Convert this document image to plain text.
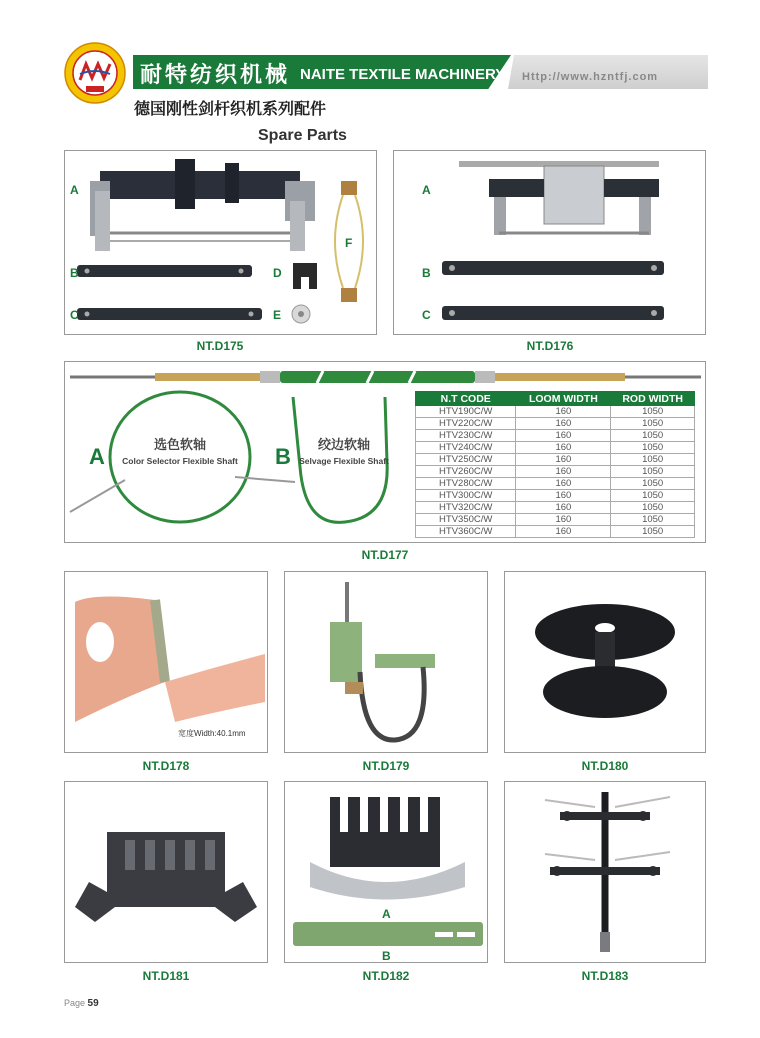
耐特纺织机械 NAITE TEXTILE MACHINERY Http://www.hzntfj.com
德国刚性剑杆织机系列配件
Spare Parts
A
B
C
D
E
F
NT.D175
A
B
C
NT.D176
A	选色软轴
Color Selector Flexible Shaft	B	绞边软轴
Selvage Flexible Shaft
N.T CODE	LOOM WIDTH	ROD WIDTH
HTV190C/W	160	1050
HTV220C/W	160	1050
HTV230C/W	160	1050
HTV240C/W	160	1050
HTV250C/W	160	1050
HTV260C/W	160	1050
HTV280C/W	160	1050
HTV300C/W	160	1050
HTV320C/W	160	1050
HTV350C/W	160	1050
HTV360C/W	160	1050
NT.D177
宽度Width:40.1mm
NT.D178	NT.D179	NT.D180
NT.D181
A
B
NT.D182	NT.D183
Page 59
